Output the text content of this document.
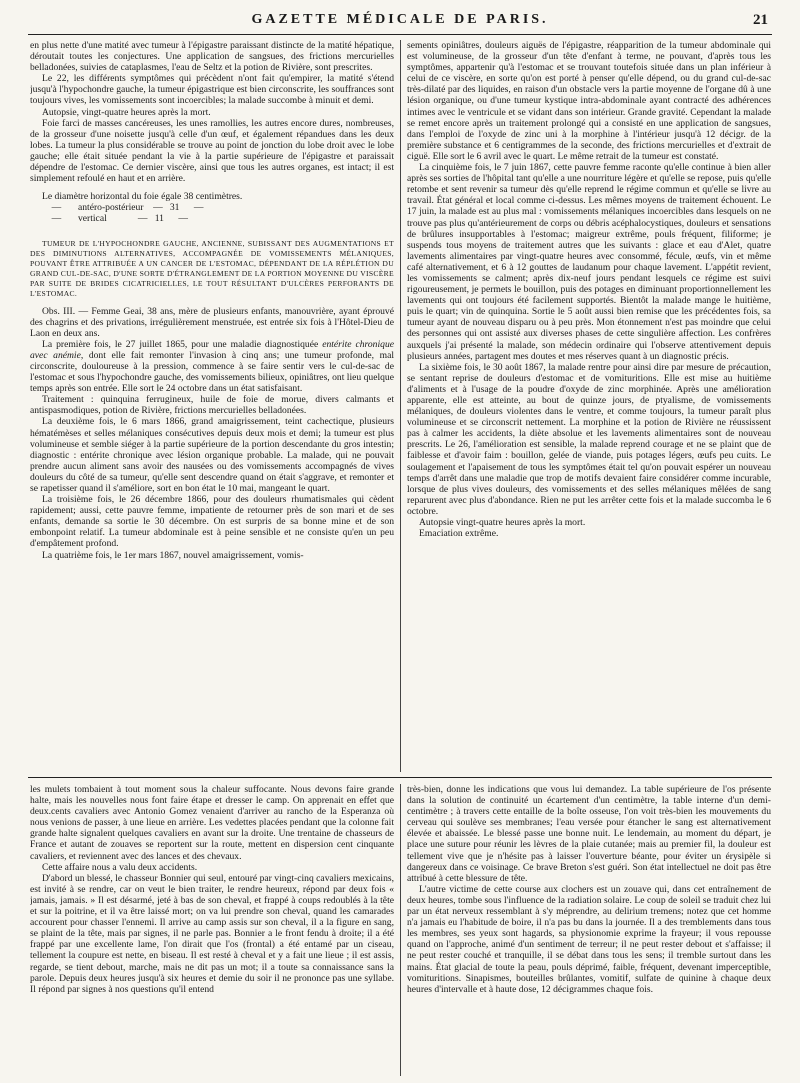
GAZETTE MÉDICALE DE PARIS.	21

en plus nette d'une matité avec tumeur à l'épigastre paraissant distincte de la matité hépatique, déroutait toutes les conjectures. Une application de sangsues, des frictions mercurielles belladonées, suivies de cataplasmes, l'eau de Seltz et la potion de Rivière, sont prescrites.

Le 22, les différents symptômes qui précèdent n'ont fait qu'empirer, la matité s'étend jusqu'à l'hypochondre gauche, la tumeur épigastrique est bien circonscrite, les souffrances sont toujours vives, les vomissements sont incoercibles; la malade succombe à minuit et demi.

Autopsie, vingt-quatre heures après la mort.

Foie farci de masses cancéreuses, les unes ramollies, les autres encore dures, nombreuses, de la grosseur d'une noisette jusqu'à celle d'un œuf, et également répandues dans les deux lobes. La tumeur la plus considérable se trouve au point de jonction du lobe droit avec le lobe gauche; elle était située pendant la vie à la partie supérieure de l'épigastre et paraissait dépendre de l'estomac. Ce dernier viscère, ainsi que tous les autres organes, est intact; il est simplement refoulé en haut et en arrière.

Le diamètre horizontal du foie égale 38 centimètres.
—       antéro-postérieur    —   31      —
—       vertical             —   11      —

TUMEUR DE L'HYPOCHONDRE GAUCHE, ANCIENNE, SUBISSANT DES AUGMENTATIONS ET DES DIMINUTIONS ALTERNATIVES, ACCOMPAGNÉE DE VOMISSEMENTS MÉLANIQUES, POUVANT ÊTRE ATTRIBUÉE A UN CANCER DE L'ESTOMAC, DÉPENDANT DE LA RÉPLÉTION DU GRAND CUL-DE-SAC, D'UNE SORTE D'ÉTRANGLEMENT DE LA PORTION MOYENNE DU VISCÈRE PAR SUITE DE BRIDES CICATRICIELLES, LE TOUT RÉSULTANT D'ULCÈRES PERFORANTS DE L'ESTOMAC.

Obs. III. — Femme Geai, 38 ans, mère de plusieurs enfants, manouvrière, ayant éprouvé des chagrins et des privations, irrégulièrement menstruée, est entrée six fois à l'Hôtel-Dieu de Laon en deux ans.

La première fois, le 27 juillet 1865, pour une maladie diagnostiquée entérite chronique avec anémie, dont elle fait remonter l'invasion à cinq ans; une tumeur profonde, mal circonscrite, douloureuse à la pression, commence à se faire sentir vers le cul-de-sac de l'estomac et sous l'hypochondre gauche, des vomissements bilieux, opiniâtres, ont lieu quelque temps après son entrée. Elle sort le 24 octobre dans un état satisfaisant.

Traitement : quinquina ferrugineux, huile de foie de morue, divers calmants et antispasmodiques, potion de Rivière, frictions mercurielles belladonées.

La deuxième fois, le 6 mars 1866, grand amaigrissement, teint cachectique, plusieurs hématémèses et selles mélaniques consécutives depuis deux mois et demi; la tumeur est plus volumineuse et semble siéger à la partie supérieure de la portion descendante du gros intestin; diagnostic : entérite chronique avec lésion organique probable. La malade, qui ne pouvait prendre aucun aliment sans avoir des nausées ou des vomissements accompagnés de vives douleurs du côté de sa tumeur, qu'elle sent descendre quand on était s'aggrave, et remonter et se rapetisser quand il s'améliore, sort en bon état le 10 mai, mangeant le quart.

La troisième fois, le 26 décembre 1866, pour des douleurs rhumatismales qui cèdent rapidement; aussi, cette pauvre femme, impatiente de retourner près de son mari et de ses enfants, demande sa sortie le 30 décembre. On est surpris de sa bonne mine et de son embonpoint relatif. La tumeur abdominale est à peine sensible et ne consiste qu'en un peu d'empâtement profond.

La quatrième fois, le 1er mars 1867, nouvel amaigrissement, vomis-

sements opiniâtres, douleurs aiguës de l'épigastre, réapparition de la tumeur abdominale qui est volumineuse, de la grosseur d'un tête d'enfant à terme, ne pouvant, d'après tous les symptômes, appartenir qu'à l'estomac et se trouvant toutefois située dans un plan inférieur à celui de ce viscère, en sorte qu'on est porté à penser qu'elle dépend, ou du grand cul-de-sac très-dilaté par des liquides, en raison d'un obstacle vers la partie moyenne de l'organe dû à une lésion organique, ou d'une tumeur kystique intra-abdominale ayant contracté des adhérences intimes avec le ventricule et se vidant dans son intérieur. Grande gravité. Cependant la malade se remet encore après un traitement prolongé qui a consisté en une application de sangsues, dans l'emploi de l'oxyde de zinc uni à la morphine à l'intérieur jusqu'à 12 décigr. de la première substance et 6 centigrammes de la seconde, des frictions mercurielles et d'extrait de ciguë. Elle sort le 6 avril avec le quart. Le même retrait de la tumeur est constaté.

La cinquième fois, le 7 juin 1867, cette pauvre femme raconte qu'elle continue à bien aller après ses sorties de l'hôpital tant qu'elle a une nourriture légère et qu'elle se repose, puis qu'elle retombe et sent revenir sa tumeur dès qu'elle reprend le régime commun et qu'elle se livre au travail. État général et local comme ci-dessus. Les mêmes moyens de traitement échouent. Le 17 juin, la malade est au plus mal : vomissements mélaniques incoercibles dans lesquels on ne trouve pas plus qu'antérieurement de corps ou débris acéphalocystiques, douleurs et sensations de brûlures insupportables à l'estomac; maigreur extrême, pouls fréquent, filiforme; je suspends tous moyens de traitement autres que les suivants : glace et eau d'Alet, quatre lavements alimentaires par vingt-quatre heures avec consommé, fécule, œufs, vin et même café alternativement, et 6 à 12 gouttes de laudanum pour chaque lavement. L'appétit revient, les vomissements se calment; après dix-neuf jours pendant lesquels ce régime est suivi rigoureusement, je permets le bouillon, puis des potages en diminuant proportionnellement les lavements qui ont toujours été facilement supportés. Bientôt la malade mange le huitième, puis le quart; vin de quinquina. Sortie le 5 août aussi bien remise que les précédentes fois, sa tumeur ayant de nouveau disparu ou à peu près. Mon étonnement n'est pas moindre que celui des personnes qui ont assisté aux diverses phases de cette singulière affection. Les confrères auxquels j'ai présenté la malade, son médecin ordinaire qui l'observe attentivement depuis plusieurs années, partagent mes doutes et mes réserves quant à un diagnostic précis.

La sixième fois, le 30 août 1867, la malade rentre pour ainsi dire par mesure de précaution, se sentant reprise de douleurs d'estomac et de vomituritions. Elle est mise au huitième d'aliments et à l'usage de la poudre d'oxyde de zinc morphinée. Après une amélioration apparente, elle est atteinte, au bout de quinze jours, de ptyalisme, de vomissements mélaniques, de douleurs violentes dans le ventre, et comme toujours, la tumeur paraît plus volumineuse et se circonscrit nettement. La morphine et la potion de Rivière ne réussissent pas à calmer les accidents, la diète absolue et les lavements alimentaires sont de nouveau prescrits. Le 26, l'amélioration est sensible, la malade reprend courage et ne se plaint que de faiblesse et d'avoir faim : bouillon, gelée de viande, puis potages légers, œufs peu cuits. Le soulagement et l'apaisement de tous les symptômes était tel qu'on pouvait espérer un nouveau temps d'arrêt dans une maladie que trop de motifs devaient faire considérer comme incurable, lorsque de plus vives douleurs, des vomissements et des selles mélaniques mêlées de sang reparurent avec plus d'abondance. Rien ne put les arrêter cette fois et la malade succomba le 6 octobre.

Autopsie vingt-quatre heures après la mort.

Emaciation extrême.

les mulets tombaient à tout moment sous la chaleur suffocante. Nous devons faire grande halte, mais les nouvelles nous font faire étape et dresser le camp. On apprenait en effet que deux.cents cavaliers avec Antonio Gomez venaient d'arriver au rancho de la Esperanza où nous venions de passer, à une lieue en arrière. Les vedettes placées pendant que la colonne fait grande halte signalent quelques cavaliers en avant sur la droite. Une trentaine de chasseurs de France et autant de zouaves se reportent sur la route, mettent en dispersion cent cinquante cavaliers, et reviennent avec des lances et des chevaux.

Cette affaire nous a valu deux accidents.

D'abord un blessé, le chasseur Bonnier qui seul, entouré par vingt-cinq cavaliers mexicains, est invité à se rendre, car on veut le bien traiter, le rendre heureux, répond par deux fois « jamais, jamais. » Il est désarmé, jeté à bas de son cheval, et frappé à coups redoublés à la tête et sur la poitrine, et il va être laissé mort; on va lui prendre son cheval, quand les camarades accourent pour chasser l'ennemi. Il arrive au camp assis sur son cheval, il a la figure en sang, se plaint de la tête, mais par signes, il ne parle pas. Bonnier a le front fendu à droite; il a été frappé par une excellente lame, l'on dirait que l'os (frontal) a été entamé par un ciseau, tellement la coupure est nette, en biseau. Il est resté à cheval et y a fait une lieue ; il est assis, regarde, se tient debout, marche, mais ne dit pas un mot; il a toute sa connaissance sans la parole. Depuis deux heures jusqu'à six heures et demie du soir il ne prononce pas une syllabe. Il répond par signes à nos questions qu'il entend

très-bien, donne les indications que vous lui demandez. La table supérieure de l'os présente dans la solution de continuité un écartement d'un centimètre, la table interne d'un demi-centimètre ; à travers cette entaille de la boîte osseuse, l'on voit très-bien les mouvements du cerveau qui soulève ses membranes; l'eau versée pour étancher le sang est alternativement élevée et abaissée. Le blessé passe une bonne nuit. Le lendemain, au moment du départ, je place une suture pour réunir les lèvres de la plaie cutanée; mais au premier fil, la douleur est tellement vive que je n'hésite pas à laisser l'ouverture béante, pour éviter un érysipèle si dangereux dans ce voisinage. Ce brave Breton s'est guéri. Son état intellectuel ne doit pas être attribué à cette blessure de tête.

L'autre victime de cette course aux clochers est un zouave qui, dans cet entraînement de deux heures, tombe sous l'influence de la radiation solaire. Le coup de soleil se traduit chez lui par un état nerveux ressemblant à s'y méprendre, au delirium tremens; notez que cet homme n'a jamais eu l'habitude de boire, il n'a pas bu dans la journée. Il a des tremblements dans tous les membres, ses yeux sont hagards, sa physionomie exprime la frayeur; il vous repousse quand on l'approche, animé d'un sentiment de terreur; il ne peut rester debout et s'affaisse; il ne peut rester couché et tranquille, il se débat dans tous les sens; il tremble surtout dans les mains. État glacial de toute la peau, pouls déprimé, faible, fréquent, devenant imperceptible, vomituritions. Sinapismes, bouteilles brûlantes, vomitif, sulfate de quinine à chaque deux heures d'intervalle et à haute dose, 12 décigrammes chaque fois.
